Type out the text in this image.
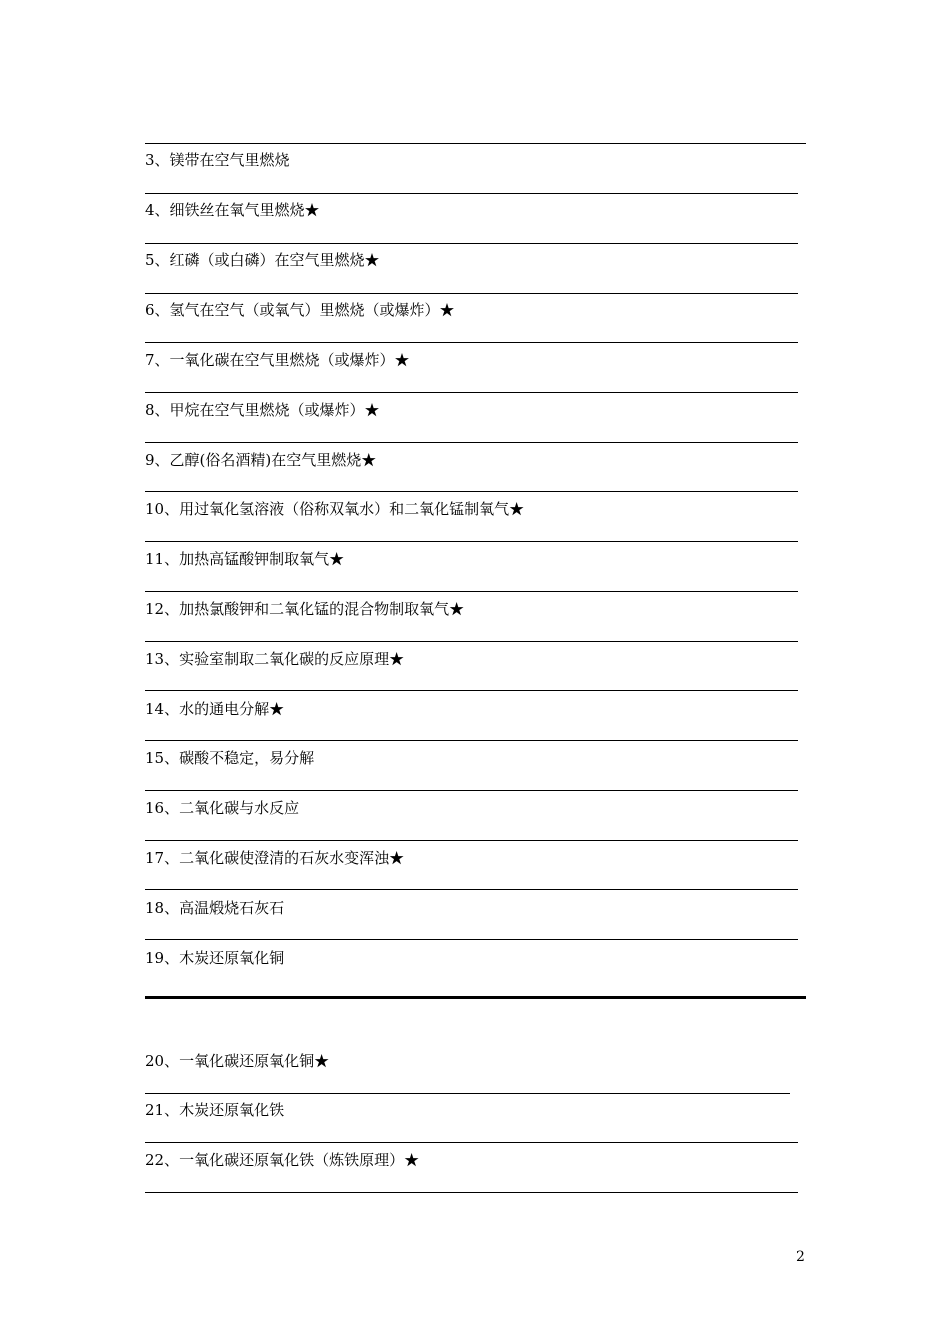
3、镁带在空气里燃烧
4、细铁丝在氧气里燃烧★
5、红磷（或白磷）在空气里燃烧★
6、氢气在空气（或氧气）里燃烧（或爆炸）★
7、一氧化碳在空气里燃烧（或爆炸）★
8、甲烷在空气里燃烧（或爆炸）★
9、乙醇(俗名酒精)在空气里燃烧★
10、用过氧化氢溶液（俗称双氧水）和二氧化锰制氧气★
11、加热高锰酸钾制取氧气★
12、加热氯酸钾和二氧化锰的混合物制取氧气★
13、实验室制取二氧化碳的反应原理★
14、水的通电分解★
15、碳酸不稳定，易分解
16、二氧化碳与水反应
17、二氧化碳使澄清的石灰水变浑浊★
18、高温煅烧石灰石
19、木炭还原氧化铜
20、一氧化碳还原氧化铜★
21、木炭还原氧化铁
22、一氧化碳还原氧化铁（炼铁原理）★
2
